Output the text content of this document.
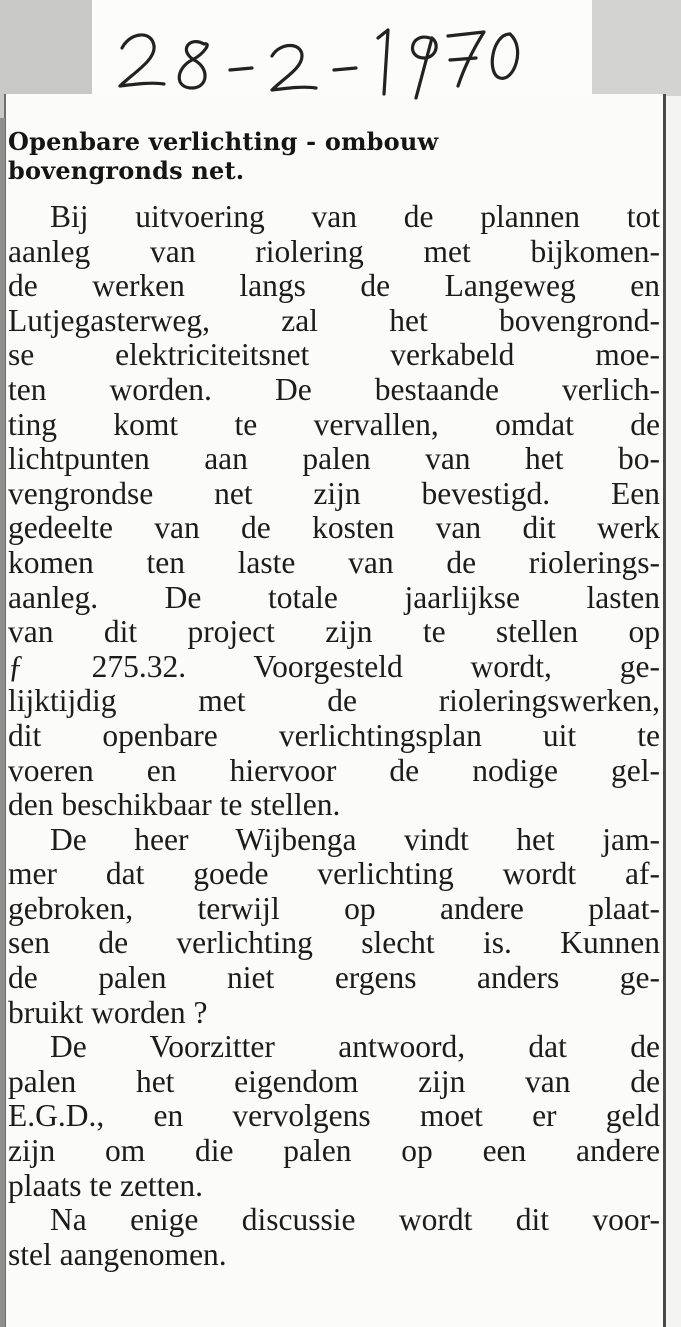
Openbare verlichting - ombouw
bovengronds net.
Bij uitvoering van de plannen tot
aanleg van riolering met bijkomen-
de werken langs de Langeweg en
Lutjegasterweg, zal het bovengrond-
se elektriciteitsnet verkabeld moe-
ten worden. De bestaande verlich-
ting komt te vervallen, omdat de
lichtpunten aan palen van het bo-
vengrondse net zijn bevestigd. Een
gedeelte van de kosten van dit werk
komen ten laste van de riolerings-
aanleg. De totale jaarlijkse lasten
van dit project zijn te stellen op
ƒ 275.32. Voorgesteld wordt, ge-
lijktijdig met de rioleringswerken,
dit openbare verlichtingsplan uit te
voeren en hiervoor de nodige gel-
den beschikbaar te stellen.
De heer Wijbenga vindt het jam-
mer dat goede verlichting wordt af-
gebroken, terwijl op andere plaat-
sen de verlichting slecht is. Kunnen
de palen niet ergens anders ge-
bruikt worden ?
De Voorzitter antwoord, dat de
palen het eigendom zijn van de
E.G.D., en vervolgens moet er geld
zijn om die palen op een andere
plaats te zetten.
Na enige discussie wordt dit voor-
stel aangenomen.
